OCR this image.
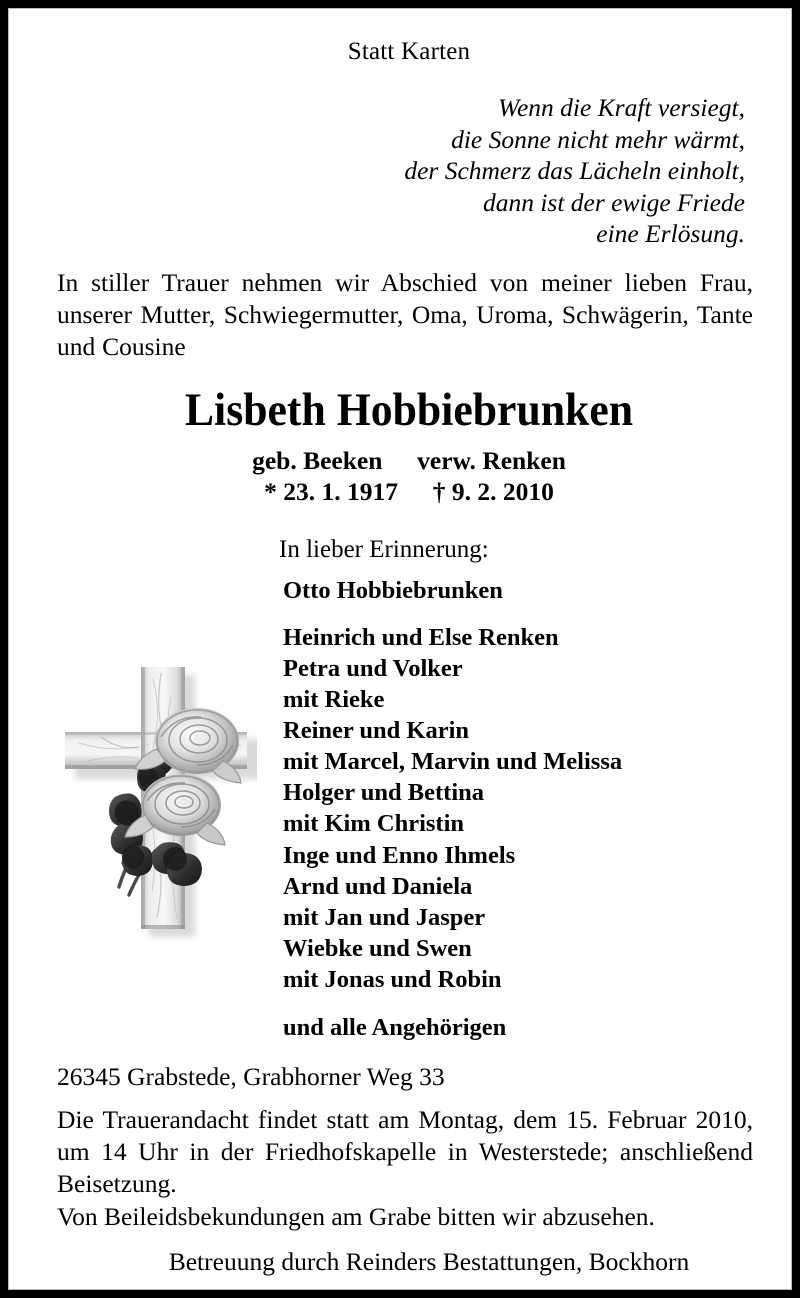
Statt Karten
Wenn die Kraft versiegt,
die Sonne nicht mehr wärmt,
der Schmerz das Lächeln einholt,
dann ist der ewige Friede
eine Erlösung.
In stiller Trauer nehmen wir Abschied von meiner lieben Frau, unserer Mutter, Schwiegermutter, Oma, Uroma, Schwägerin, Tante und Cousine
Lisbeth Hobbiebrunken
geb. Beeken verw. Renken
* 23. 1. 1917 † 9. 2. 2010
In lieber Erinnerung:
Otto Hobbiebrunken
Heinrich und Else Renken
Petra und Volker
mit Rieke
Reiner und Karin
mit Marcel, Marvin und Melissa
Holger und Bettina
mit Kim Christin
Inge und Enno Ihmels
Arnd und Daniela
mit Jan und Jasper
Wiebke und Swen
mit Jonas und Robin
und alle Angehörigen
26345 Grabstede, Grabhorner Weg 33
Die Trauerandacht findet statt am Montag, dem 15. Februar 2010, um 14 Uhr in der Friedhofskapelle in Westerstede; anschließend Beisetzung.
Von Beileidsbekundungen am Grabe bitten wir abzusehen.
Betreuung durch Reinders Bestattungen, Bockhorn
